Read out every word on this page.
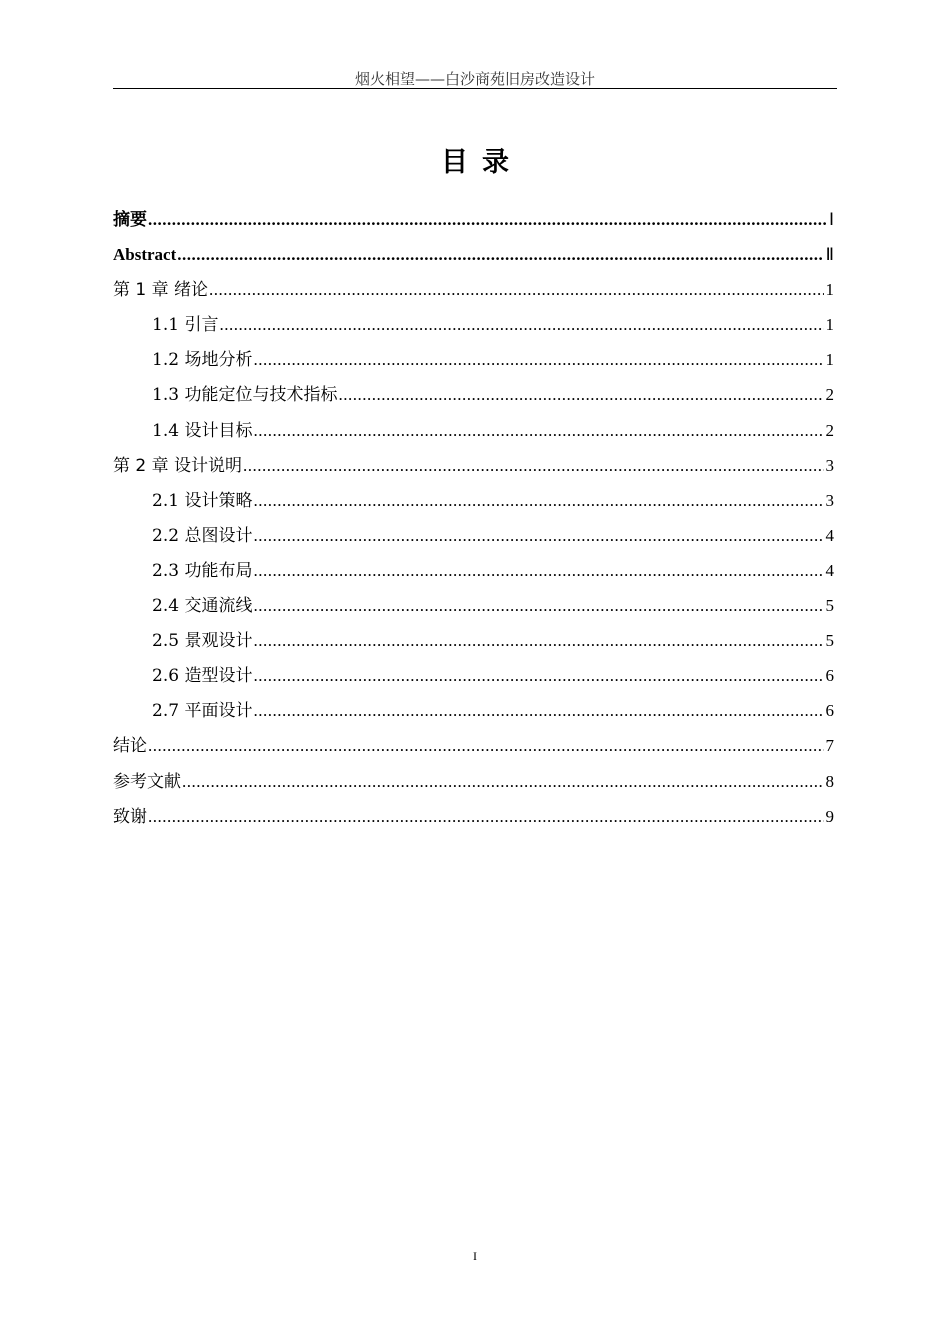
烟火相望——白沙商苑旧房改造设计
目录
摘要 .....	Ⅰ
Abstract .....	Ⅱ
第 1 章 绪论 .....	1
1.1 引言 .....	1
1.2 场地分析 .....	1
1.3 功能定位与技术指标 .....	2
1.4 设计目标 .....	2
第 2 章 设计说明 .....	3
2.1 设计策略 .....	3
2.2 总图设计 .....	4
2.3 功能布局 .....	4
2.4 交通流线 .....	5
2.5 景观设计 .....	5
2.6 造型设计 .....	6
2.7 平面设计 .....	6
结论 .....	7
参考文献 .....	8
致谢 .....	9
I
